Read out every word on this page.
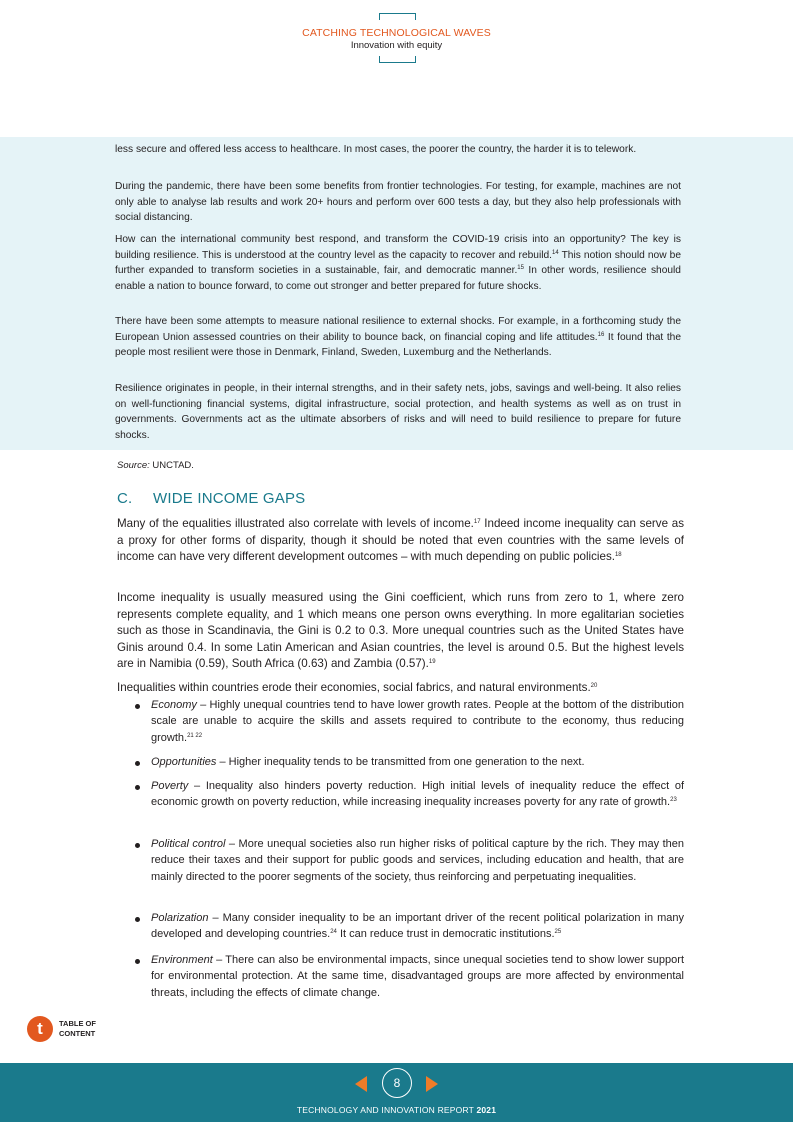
CATCHING TECHNOLOGICAL WAVES
Innovation with equity

less secure and offered less access to healthcare. In most cases, the poorer the country, the harder it is to telework.

During the pandemic, there have been some benefits from frontier technologies. For testing, for example, machines are not only able to analyse lab results and work 20+ hours and perform over 600 tests a day, but they also help professionals with social distancing.

How can the international community best respond, and transform the COVID-19 crisis into an opportunity? The key is building resilience. This is understood at the country level as the capacity to recover and rebuild.$^{14}$ This notion should now be further expanded to transform societies in a sustainable, fair, and democratic manner.$^{15}$ In other words, resilience should enable a nation to bounce forward, to come out stronger and better prepared for future shocks.

There have been some attempts to measure national resilience to external shocks. For example, in a forthcoming study the European Union assessed countries on their ability to bounce back, on financial coping and life attitudes.$^{16}$ It found that the people most resilient were those in Denmark, Finland, Sweden, Luxemburg and the Netherlands.

Resilience originates in people, in their internal strengths, and in their safety nets, jobs, savings and well-being. It also relies on well-functioning financial systems, digital infrastructure, social protection, and health systems as well as on trust in governments. Governments act as the ultimate absorbers of risks and will need to build resilience to prepare for future shocks.

Source: UNCTAD.
C. WIDE INCOME GAPS

Many of the equalities illustrated also correlate with levels of income.$^{17}$ Indeed income inequality can serve as a proxy for other forms of disparity, though it should be noted that even countries with the same levels of income can have very different development outcomes – with much depending on public policies.$^{18}$

Income inequality is usually measured using the Gini coefficient, which runs from zero to 1, where zero represents complete equality, and 1 which means one person owns everything. In more egalitarian societies such as those in Scandinavia, the Gini is 0.2 to 0.3. More unequal countries such as the United States have Ginis around 0.4. In some Latin American and Asian countries, the level is around 0.5. But the highest levels are in Namibia (0.59), South Africa (0.63) and Zambia (0.57).$^{19}$

Inequalities within countries erode their economies, social fabrics, and natural environments.$^{20}$

Economy – Highly unequal countries tend to have lower growth rates. People at the bottom of the distribution scale are unable to acquire the skills and assets required to contribute to the economy, thus reducing growth.$^{21 22}$

Opportunities – Higher inequality tends to be transmitted from one generation to the next.

Poverty – Inequality also hinders poverty reduction. High initial levels of inequality reduce the effect of economic growth on poverty reduction, while increasing inequality increases poverty for any rate of growth.$^{23}$

Political control – More unequal societies also run higher risks of political capture by the rich. They may then reduce their taxes and their support for public goods and services, including education and health, that are mainly directed to the poorer segments of the society, thus reinforcing and perpetuating inequalities.

Polarization – Many consider inequality to be an important driver of the recent political polarization in many developed and developing countries.$^{24}$ It can reduce trust in democratic institutions.$^{25}$

Environment – There can also be environmental impacts, since unequal societies tend to show lower support for environmental protection. At the same time, disadvantaged groups are more affected by environmental threats, including the effects of climate change.

t	TABLE OF
CONTENT
8
TECHNOLOGY AND INNOVATION REPORT 2021
